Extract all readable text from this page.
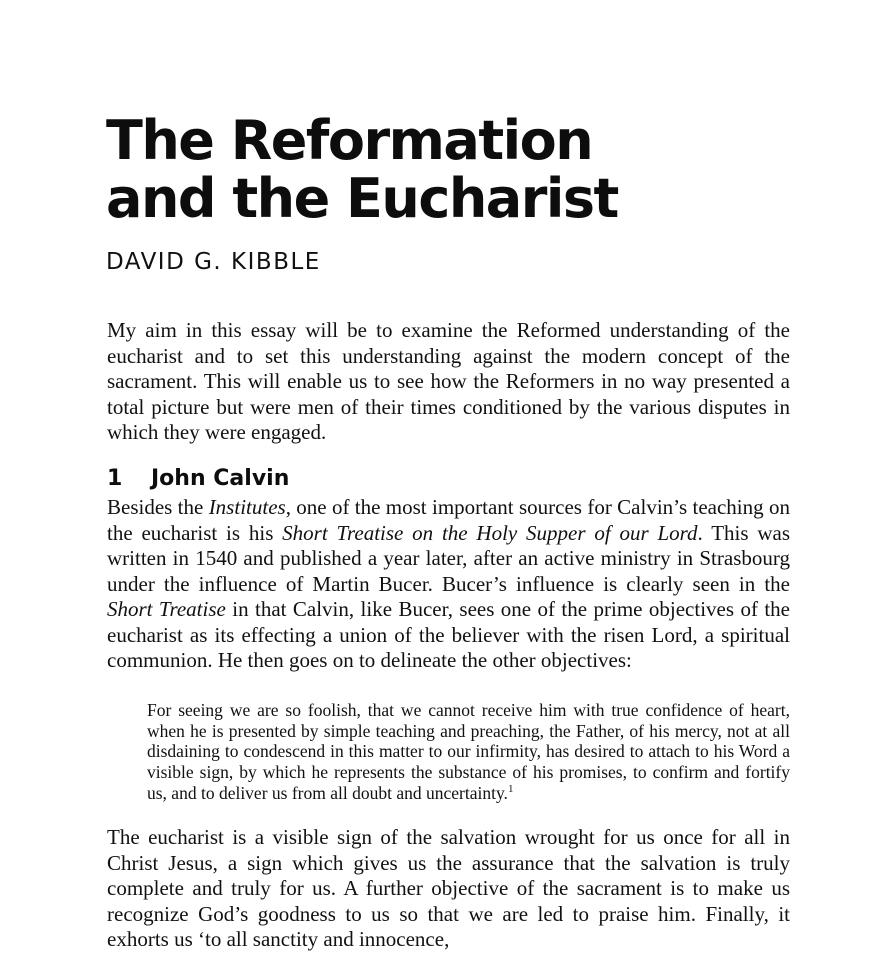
The Reformation
and the Eucharist
DAVID G. KIBBLE

My aim in this essay will be to examine the Reformed understanding of the eucharist and to set this understanding against the modern concept of the sacrament. This will enable us to see how the Reformers in no way presented a total picture but were men of their times conditioned by the various disputes in which they were engaged.

1 John Calvin

Besides the Institutes, one of the most important sources for Calvin’s teaching on the eucharist is his Short Treatise on the Holy Supper of our Lord. This was written in 1540 and published a year later, after an active ministry in Strasbourg under the influence of Martin Bucer. Bucer’s influence is clearly seen in the Short Treatise in that Calvin, like Bucer, sees one of the prime objectives of the eucharist as its effecting a union of the believer with the risen Lord, a spiritual communion. He then goes on to delineate the other objectives:

For seeing we are so foolish, that we cannot receive him with true confidence of heart, when he is presented by simple teaching and preaching, the Father, of his mercy, not at all disdaining to condescend in this matter to our infirmity, has desired to attach to his Word a visible sign, by which he represents the substance of his promises, to confirm and fortify us, and to deliver us from all doubt and uncertainty.$^1$

The eucharist is a visible sign of the salvation wrought for us once for all in Christ Jesus, a sign which gives us the assurance that the salvation is truly complete and truly for us. A further objective of the sacrament is to make us recognize God’s goodness to us so that we are led to praise him. Finally, it exhorts us ‘to all sanctity and innocence,
